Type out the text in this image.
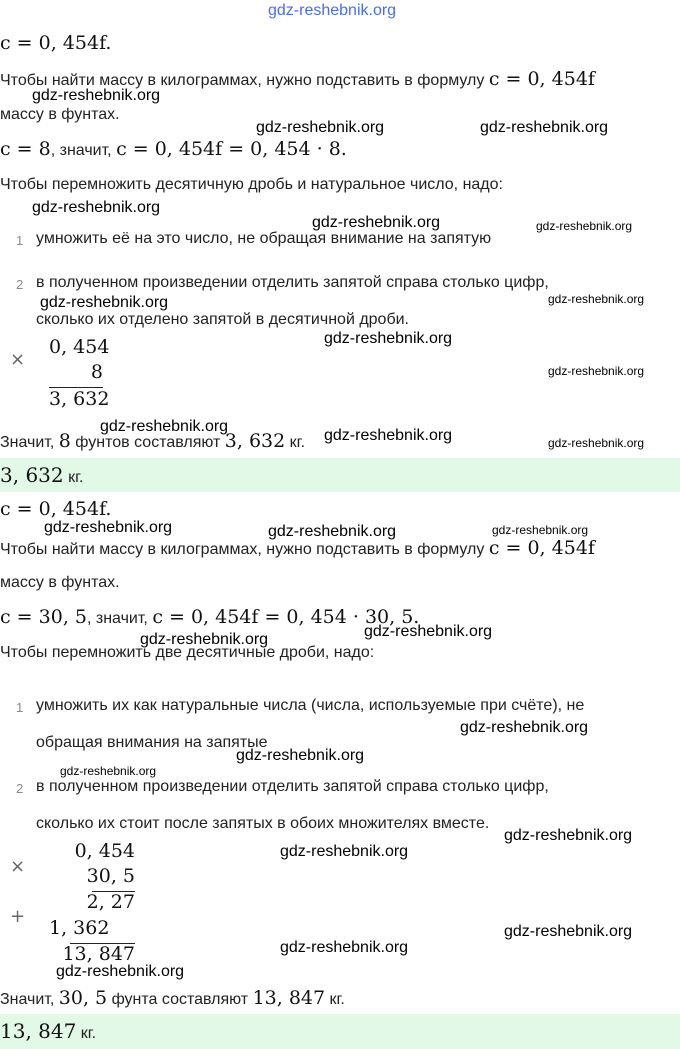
gdz-reshebnik.org
c = 0, 454f.
Чтобы найти массу в килограммах, нужно подставить в формулу c = 0, 454f
gdz-reshebnik.org
массу в фунтах.
gdz-reshebnik.org	gdz-reshebnik.org
c = 8, значит, c = 0, 454f = 0, 454 · 8.
Чтобы перемножить десятичную дробь и натуральное число, надо:
gdz-reshebnik.org
gdz-reshebnik.org	gdz-reshebnik.org
1 умножить её на это число, не обращая внимание на запятую
2 в полученном произведении отделить запятой справа столько цифр,
gdz-reshebnik.org	gdz-reshebnik.org
сколько их отделено запятой в десятичной дроби.
×
0, 454	gdz-reshebnik.org
8	gdz-reshebnik.org
3, 632
gdz-reshebnik.org
Значит, 8 фунтов составляют 3, 632 кг. gdz-reshebnik.org	gdz-reshebnik.org
3, 632 кг.
c = 0, 454f.
gdz-reshebnik.org	gdz-reshebnik.org	gdz-reshebnik.org
Чтобы найти массу в килограммах, нужно подставить в формулу c = 0, 454f
массу в фунтах.
c = 30, 5, значит, c = 0, 454f = 0, 454 · 30, 5.
gdz-reshebnik.org
gdz-reshebnik.org
Чтобы перемножить две десятичные дроби, надо:
1 умножить их как натуральные числа (числа, используемые при счёте), не
gdz-reshebnik.org
обращая внимания на запятые
gdz-reshebnik.org
gdz-reshebnik.org
2 в полученном произведении отделить запятой справа столько цифр,
сколько их стоит после запятых в обоих множителях вместе.
gdz-reshebnik.org
×
0, 454	gdz-reshebnik.org
30, 5
2, 27
+
1, 362
13, 847
gdz-reshebnik.org
gdz-reshebnik.org
gdz-reshebnik.org
Значит, 30, 5 фунта составляют 13, 847 кг.
13, 847 кг.
